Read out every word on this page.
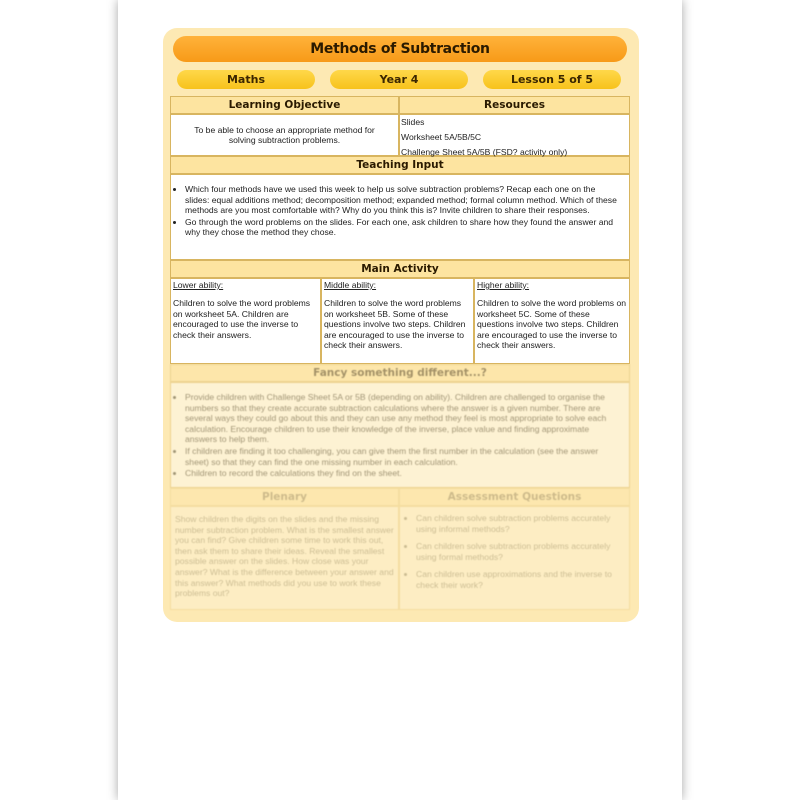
Methods of Subtraction
Maths	Year 4	Lesson 5 of 5
Learning Objective	Resources
To be able to choose an appropriate method for solving subtraction problems.
Slides
Worksheet 5A/5B/5C
Challenge Sheet 5A/5B (FSD? activity only)
Teaching Input
• Which four methods have we used this week to help us solve subtraction problems? Recap each one on the slides: equal additions method; decomposition method; expanded method; formal column method. Which of these methods are you most comfortable with? Why do you think this is? Invite children to share their responses.
• Go through the word problems on the slides. For each one, ask children to share how they found the answer and why they chose the method they chose.
Main Activity
Lower ability:
Children to solve the word problems on worksheet 5A. Children are encouraged to use the inverse to check their answers.
Middle ability:
Children to solve the word problems on worksheet 5B. Some of these questions involve two steps. Children are encouraged to use the inverse to check their answers.
Higher ability:
Children to solve the word problems on worksheet 5C. Some of these questions involve two steps. Children are encouraged to use the inverse to check their answers.
Fancy something different...?
• Provide children with Challenge Sheet 5A or 5B (depending on ability). Children are challenged to organise the numbers so that they create accurate subtraction calculations where the answer is a given number. There are several ways they could go about this and they can use any method they feel is most appropriate to solve each calculation. Encourage children to use their knowledge of the inverse, place value and finding approximate answers to help them.
• If children are finding it too challenging, you can give them the first number in the calculation (see the answer sheet) so that they can find the one missing number in each calculation.
• Children to record the calculations they find on the sheet.
Plenary	Assessment Questions
Show children the digits on the slides and the missing number subtraction problem. What is the smallest answer you can find? Give children some time to work this out, then ask them to share their ideas. Reveal the smallest possible answer on the slides. How close was your answer? What is the difference between your answer and this answer? What methods did you use to work these problems out?
• Can children solve subtraction problems accurately using informal methods?
• Can children solve subtraction problems accurately using formal methods?
• Can children use approximations and the inverse to check their work?
